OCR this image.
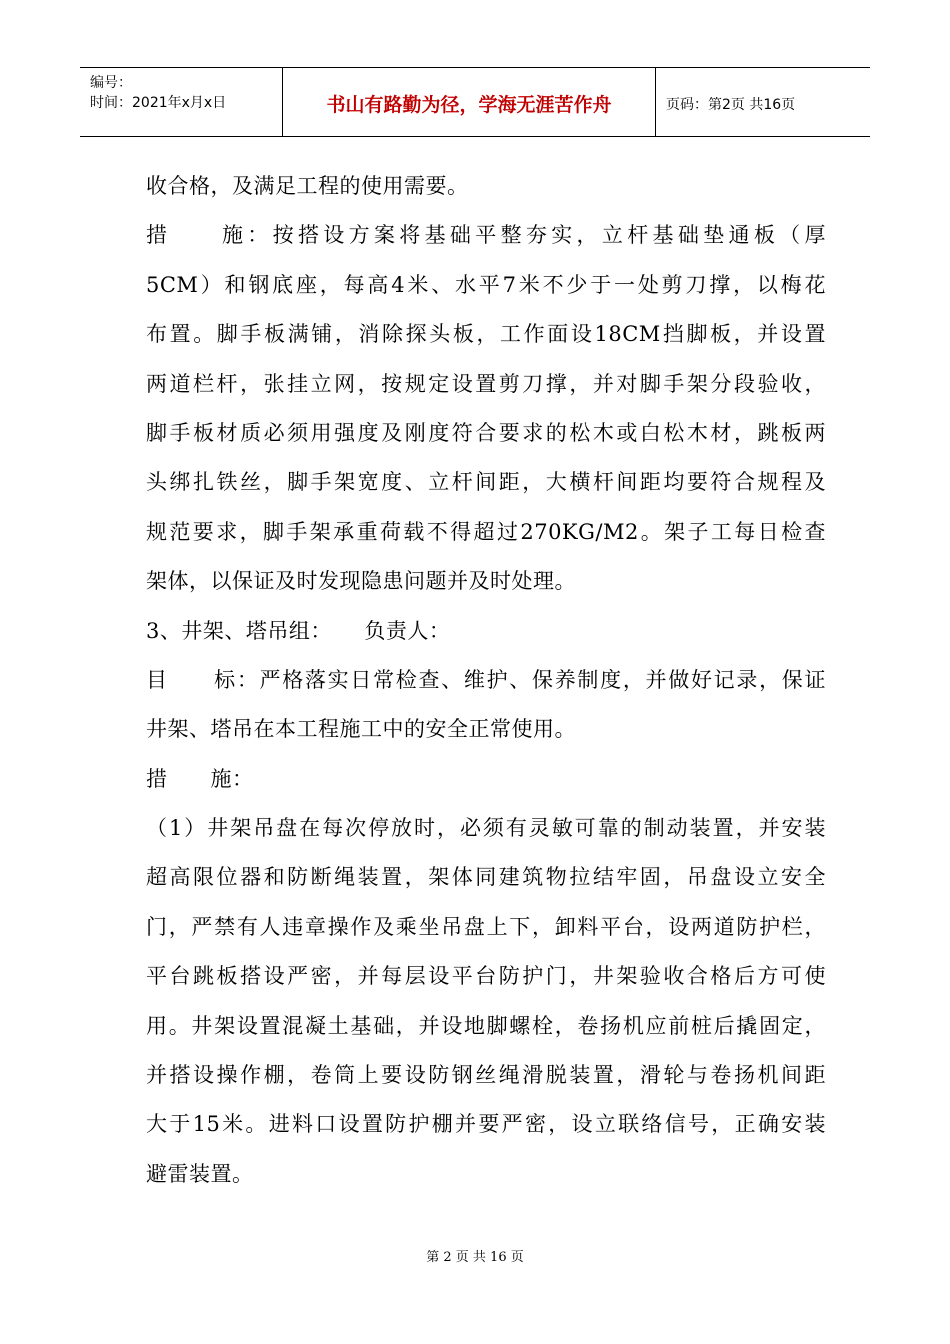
编号：
时间：2021年x月x日	书山有路勤为径，学海无涯苦作舟	页码：第2页 共16页

收合格，及满足工程的使用需要。

措　　施：按搭设方案将基础平整夯实，立杆基础垫通板（厚

5CM）和钢底座，每高4米、水平7米不少于一处剪刀撑，以梅花

布置。脚手板满铺，消除探头板，工作面设18CM挡脚板，并设置

两道栏杆，张挂立网，按规定设置剪刀撑，并对脚手架分段验收，

脚手板材质必须用强度及刚度符合要求的松木或白松木材，跳板两

头绑扎铁丝，脚手架宽度、立杆间距，大横杆间距均要符合规程及

规范要求，脚手架承重荷载不得超过270KG/M2。架子工每日检查

架体，以保证及时发现隐患问题并及时处理。

3、井架、塔吊组：　　负责人：

目　　标：严格落实日常检查、维护、保养制度，并做好记录，保证

井架、塔吊在本工程施工中的安全正常使用。

措　　施：

（1）井架吊盘在每次停放时，必须有灵敏可靠的制动装置，并安装

超高限位器和防断绳装置，架体同建筑物拉结牢固，吊盘设立安全

门，严禁有人违章操作及乘坐吊盘上下，卸料平台，设两道防护栏，

平台跳板搭设严密，并每层设平台防护门，井架验收合格后方可使

用。井架设置混凝土基础，并设地脚螺栓，卷扬机应前桩后撬固定，

并搭设操作棚，卷筒上要设防钢丝绳滑脱装置，滑轮与卷扬机间距

大于15米。进料口设置防护棚并要严密，设立联络信号，正确安装

避雷装置。

第 2 页 共 16 页
